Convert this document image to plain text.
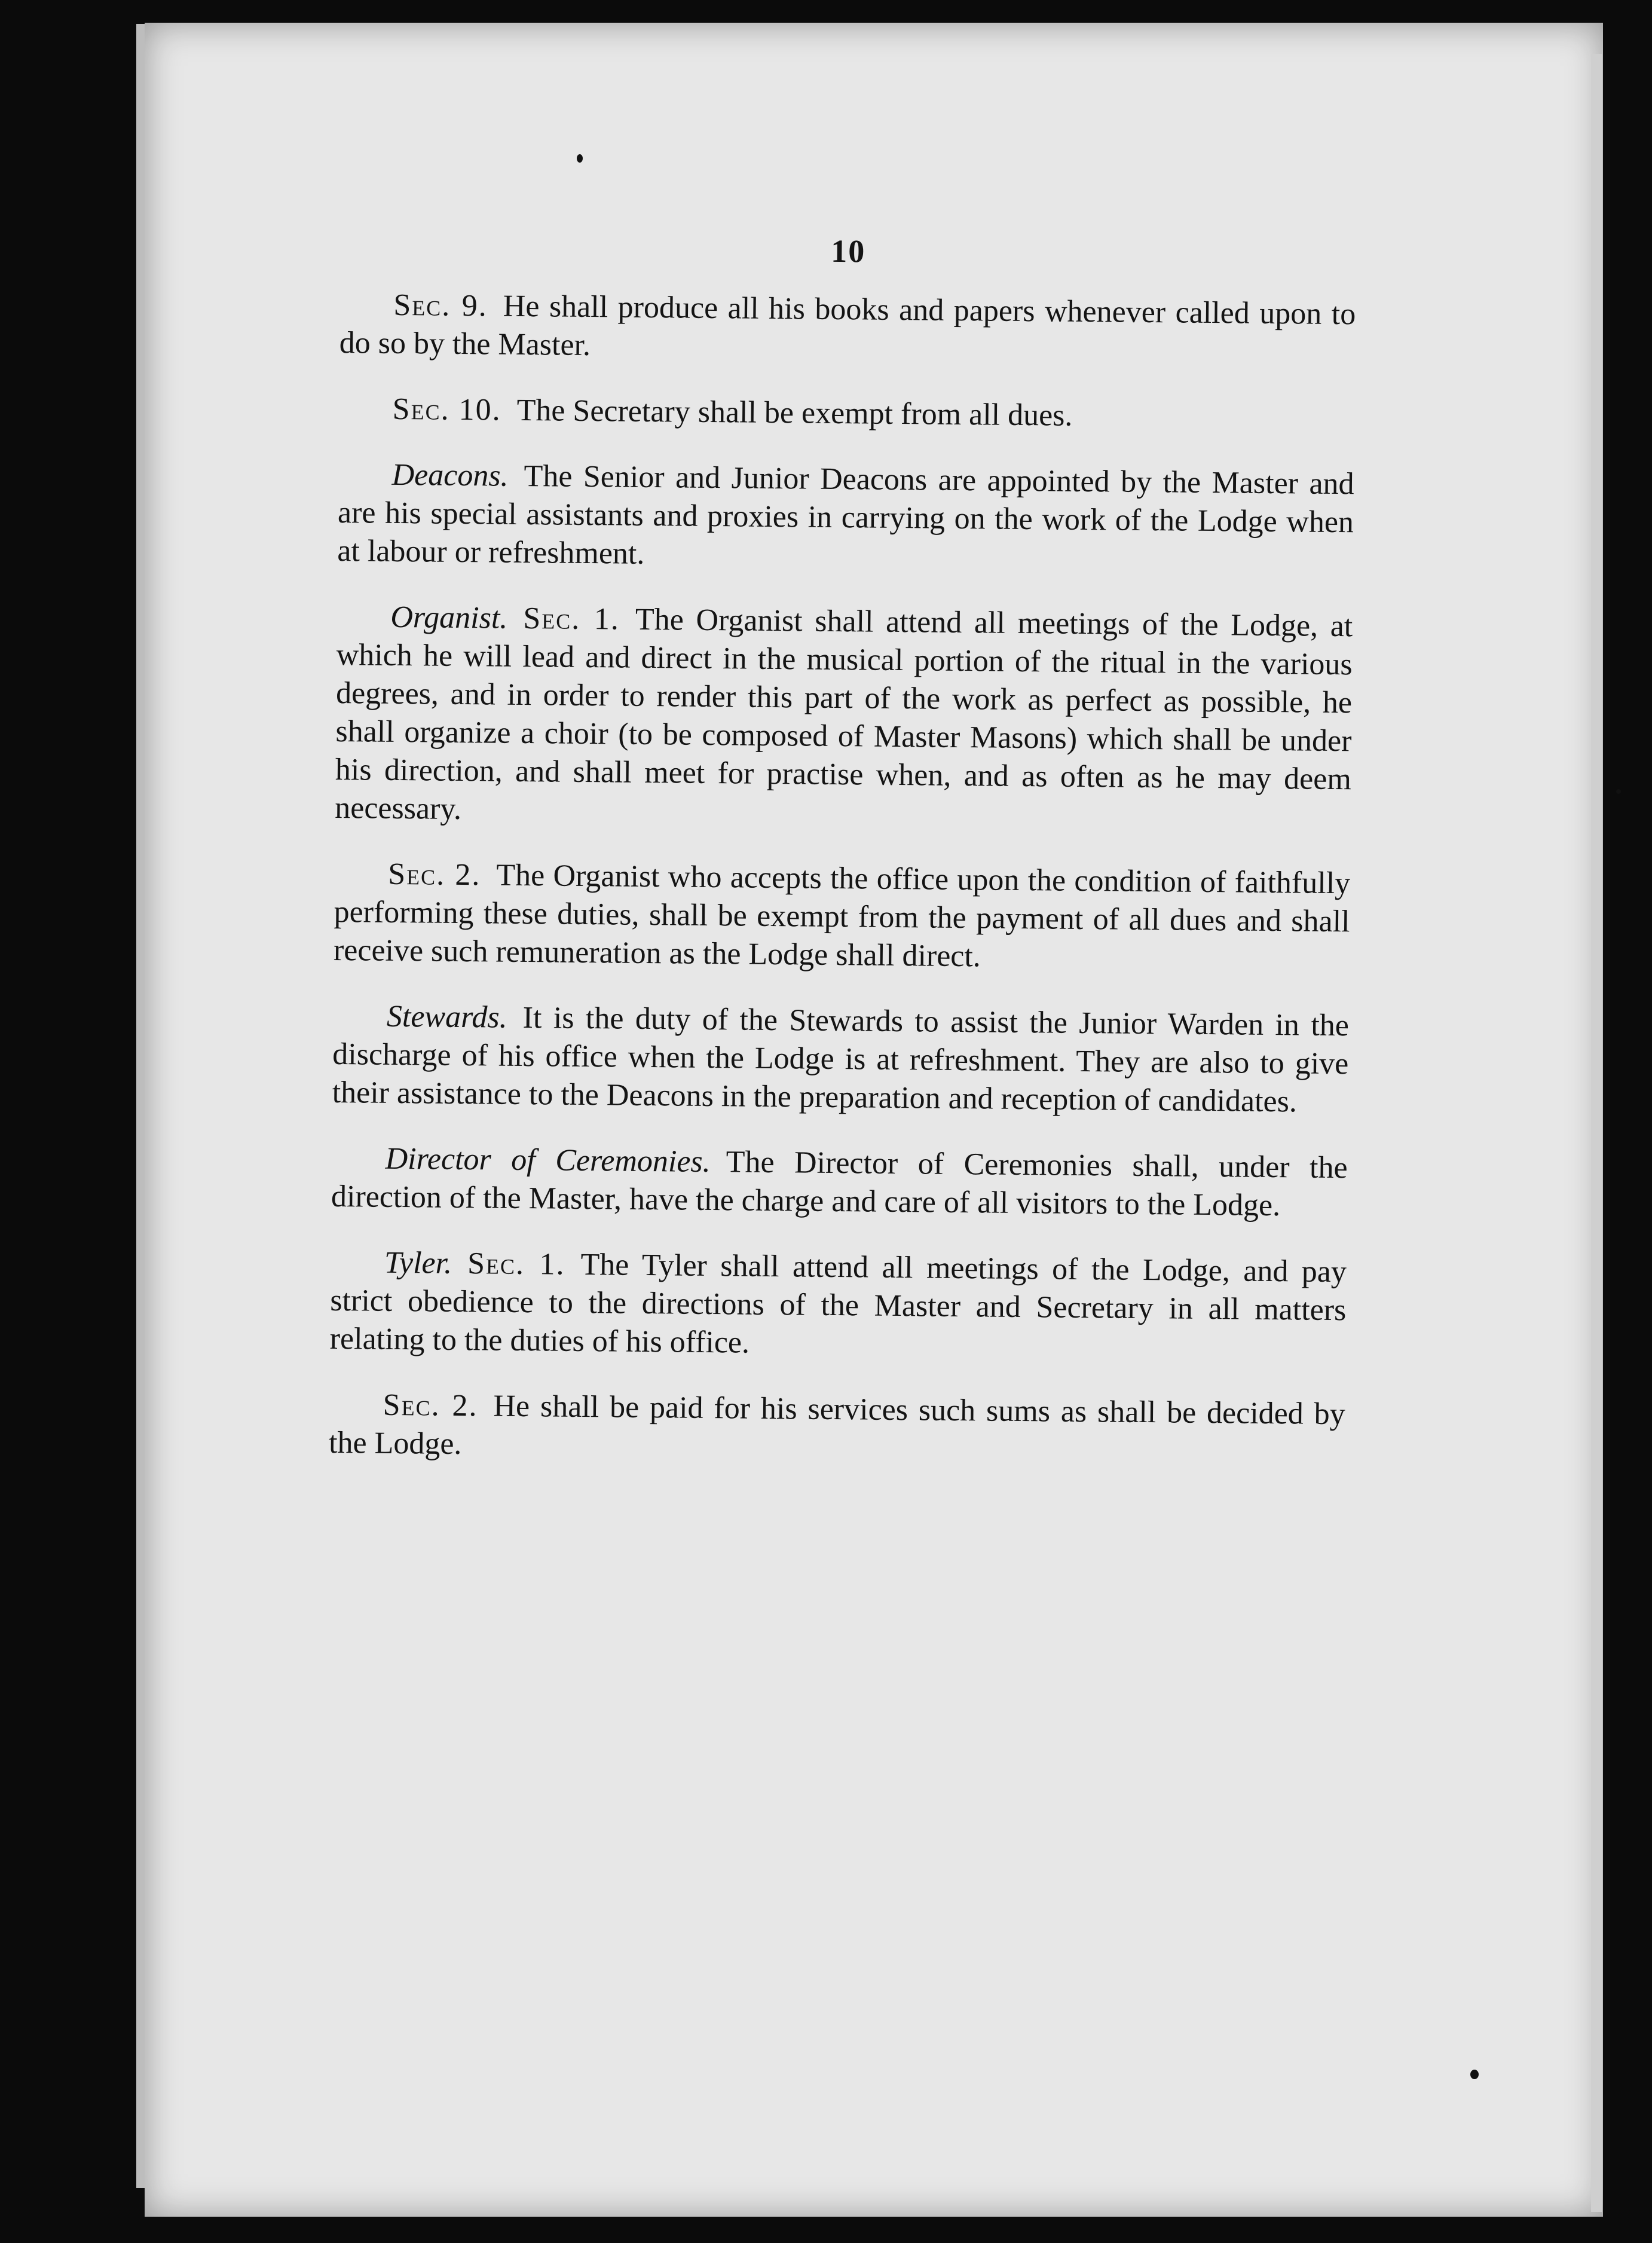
10

Sec. 9. He shall produce all his books and papers whenever called upon to do so by the Master.

Sec. 10. The Secretary shall be exempt from all dues.

Deacons. The Senior and Junior Deacons are appointed by the Master and are his special assistants and proxies in carrying on the work of the Lodge when at labour or refreshment.

Organist. Sec. 1. The Organist shall attend all meetings of the Lodge, at which he will lead and direct in the musical portion of the ritual in the various degrees, and in order to render this part of the work as perfect as possible, he shall organize a choir (to be composed of Master Masons) which shall be under his direction, and shall meet for practise when, and as often as he may deem necessary.

Sec. 2. The Organist who accepts the office upon the condition of faithfully performing these duties, shall be exempt from the payment of all dues and shall receive such remuneration as the Lodge shall direct.

Stewards. It is the duty of the Stewards to assist the Junior Warden in the discharge of his office when the Lodge is at refreshment. They are also to give their assistance to the Deacons in the preparation and reception of candidates.

Director of Ceremonies. The Director of Ceremonies shall, under the direction of the Master, have the charge and care of all visitors to the Lodge.

Tyler. Sec. 1. The Tyler shall attend all meetings of the Lodge, and pay strict obedience to the directions of the Master and Secretary in all matters relating to the duties of his office.

Sec. 2. He shall be paid for his services such sums as shall be decided by the Lodge.
